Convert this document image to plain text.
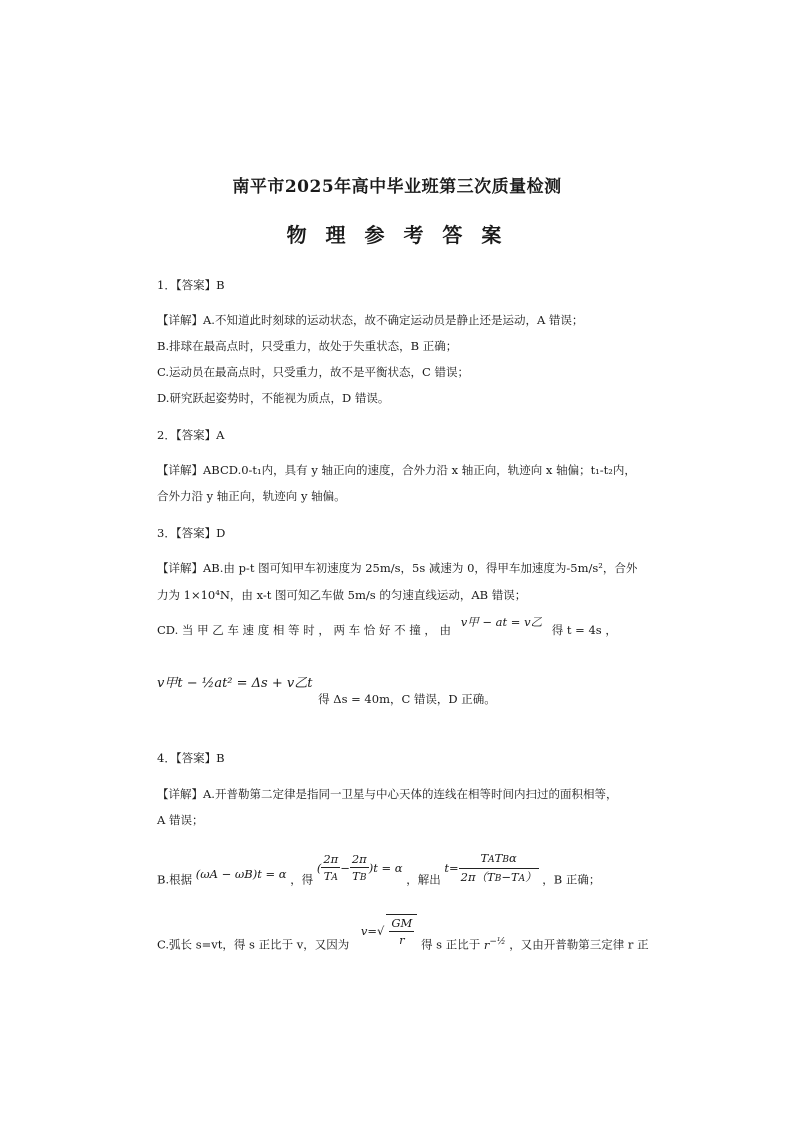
南平市2025年高中毕业班第三次质量检测
物 理 参 考 答 案
1．【答案】B
【详解】A.不知道此时刻球的运动状态，故不确定运动员是静止还是运动，A 错误；
B.排球在最高点时，只受重力，故处于失重状态，B 正确；
C.运动员在最高点时，只受重力，故不是平衡状态，C 错误；
D.研究跃起姿势时，不能视为质点，D 错误。
2．【答案】A
【详解】ABCD.0-t₁内，具有 y 轴正向的速度，合外力沿 x 轴正向，轨迹向 x 轴偏；t₁-t₂内，
合外力沿 y 轴正向，轨迹向 y 轴偏。
3．【答案】D
【详解】AB.由 p-t 图可知甲车初速度为 25m/s，5s 减速为 0，得甲车加速度为-5m/s²，合外
力为 1×10⁴N，由 x-t 图可知乙车做 5m/s 的匀速直线运动，AB 错误；
CD. 当 甲 乙 车 速 度 相 等 时 ， 两 车 恰 好 不 撞 ， 由 v甲 − at = v乙 得 t = 4s ，
v甲t − ½at² = Δs + v乙t 得 Δs = 40m，C 错误，D 正确。
4．【答案】B
【详解】A.开普勒第二定律是指同一卫星与中心天体的连线在相等时间内扫过的面积相等，
A 错误；
B.根据 (ωA − ωB)t = α ，得 ( $\frac{2\pi}{TA} - \frac{2\pi}{TB} )t = \alpha$ ，解出 $t= \frac{\text{TATBα}}{2\pi(TB-TA)}$ ，B 正确；
C.弧长 s=vt，得 s 正比于 v，又因为 $v=√ \frac{GM}{r}$ 得 s 正比于 $r^{-\frac{1}{2}}$ ，又由开普勒第三定律 r 正
